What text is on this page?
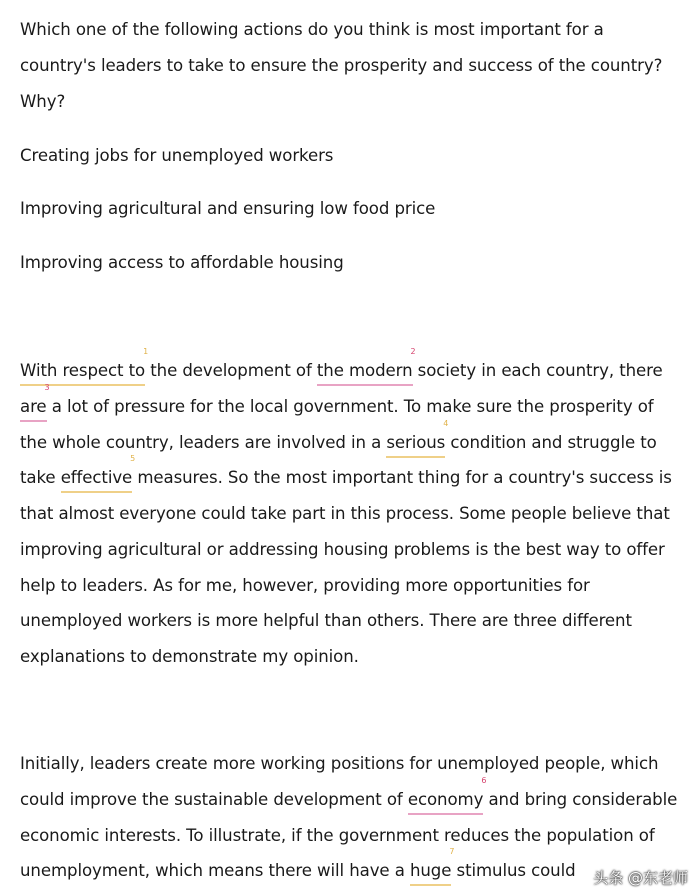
Which one of the following actions do you think is most important for a
country's leaders to take to ensure the prosperity and success of the country?
Why?
Creating jobs for unemployed workers
Improving agricultural and ensuring low food price
Improving access to affordable housing
With respect to
1
the development of the modern
2
society in each country, there
are
3
a lot of pressure for the local government. To make sure the prosperity of
the whole country, leaders are involved in a serious
4
condition and struggle to
take effective
5
measures. So the most important thing for a country's success is
that almost everyone could take part in this process. Some people believe that
improving agricultural or addressing housing problems is the best way to offer
help to leaders. As for me, however, providing more opportunities for
unemployed workers is more helpful than others. There are three different
explanations to demonstrate my opinion.
Initially, leaders create more working positions for unemployed people, which
could improve the sustainable development of economy
6
and bring considerable
economic interests. To illustrate, if the government reduces the population of
unemployment, which means there will have a huge
7
stimulus could 头条 @东老师
